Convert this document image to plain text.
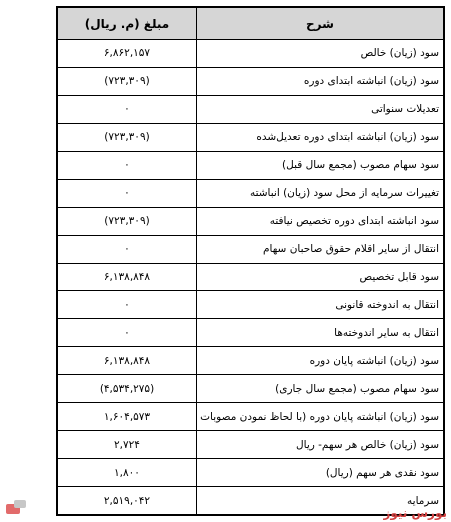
شرح	مبلغ (م. ریال)
سود (زیان) خالص	۶,۸۶۲,۱۵۷
سود (زیان) انباشته ابتدای دوره	(۷۲۳,۳۰۹)
تعدیلات سنواتی	۰
سود (زیان) انباشته ابتدای دوره تعدیل‌شده	(۷۲۳,۳۰۹)
سود سهام مصوب (مجمع سال قبل)	۰
تغییرات سرمایه از محل سود (زیان) انباشته	۰
سود انباشته ابتدای دوره تخصیص نیافته	(۷۲۳,۳۰۹)
انتقال از سایر اقلام حقوق صاحبان سهام	۰
سود قابل تخصیص	۶,۱۳۸,۸۴۸
انتقال به اندوخته قانونی	۰
انتقال به سایر اندوخته‌ها	۰
سود (زیان) انباشته پایان دوره	۶,۱۳۸,۸۴۸
سود سهام مصوب (مجمع سال جاری)	(۴,۵۳۴,۲۷۵)
سود (زیان) انباشته پایان دوره (با لحاظ نمودن مصوبات	۱,۶۰۴,۵۷۳
سود (زیان) خالص هر سهم- ریال	۲,۷۲۴
سود نقدی هر سهم (ریال)	۱,۸۰۰
سرمایه	۲,۵۱۹,۰۴۲
بورس نیوز
